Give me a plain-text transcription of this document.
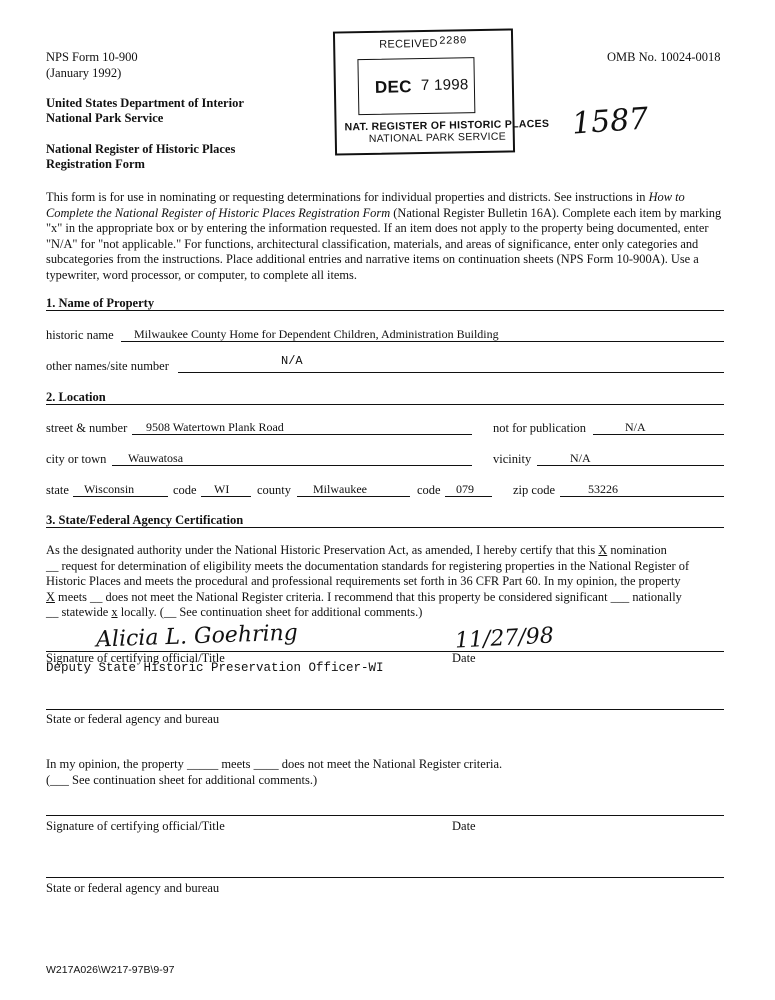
NPS Form 10-900
(January 1992)
OMB No. 10024-0018
United States Department of Interior
National Park Service
National Register of Historic Places
Registration Form
RECEIVED 2280
DEC 7 1998
NAT. REGISTER OF HISTORIC PLACES
NATIONAL PARK SERVICE 1587
This form is for use in nominating or requesting determinations for individual properties and districts. See instructions in How to Complete the National Register of Historic Places Registration Form (National Register Bulletin 16A). Complete each item by marking "x" in the appropriate box or by entering the information requested. If an item does not apply to the property being documented, enter "N/A" for "not applicable." For functions, architectural classification, materials, and areas of significance, enter only categories and subcategories from the instructions. Place additional entries and narrative items on continuation sheets (NPS Form 10-900A). Use a typewriter, word processor, or computer, to complete all items.
1. Name of Property
historic name Milwaukee County Home for Dependent Children, Administration Building
other names/site number	N/A
2. Location
street & number 9508 Watertown Plank Road	not for publication	N/A
city or town Wauwatosa	vicinity	N/A
state Wisconsin	code WI county Milwaukee	code 079	zip code	53226
3. State/Federal Agency Certification
As the designated authority under the National Historic Preservation Act, as amended, I hereby certify that this X nomination
__ request for determination of eligibility meets the documentation standards for registering properties in the National Register of
Historic Places and meets the procedural and professional requirements set forth in 36 CFR Part 60. In my opinion, the property
X meets __ does not meet the National Register criteria. I recommend that this property be considered significant ___ nationally
__ statewide x locally. (__ See continuation sheet for additional comments.)
Alicia L. Goehring	11/27/98
Signature of certifying official/Title
Deputy State Historic Preservation Officer-WI
Date
State or federal agency and bureau
In my opinion, the property _____ meets ____ does not meet the National Register criteria.
(___ See continuation sheet for additional comments.)
Signature of certifying official/Title	Date
State or federal agency and bureau
W217A026\W217-97B\9-97
